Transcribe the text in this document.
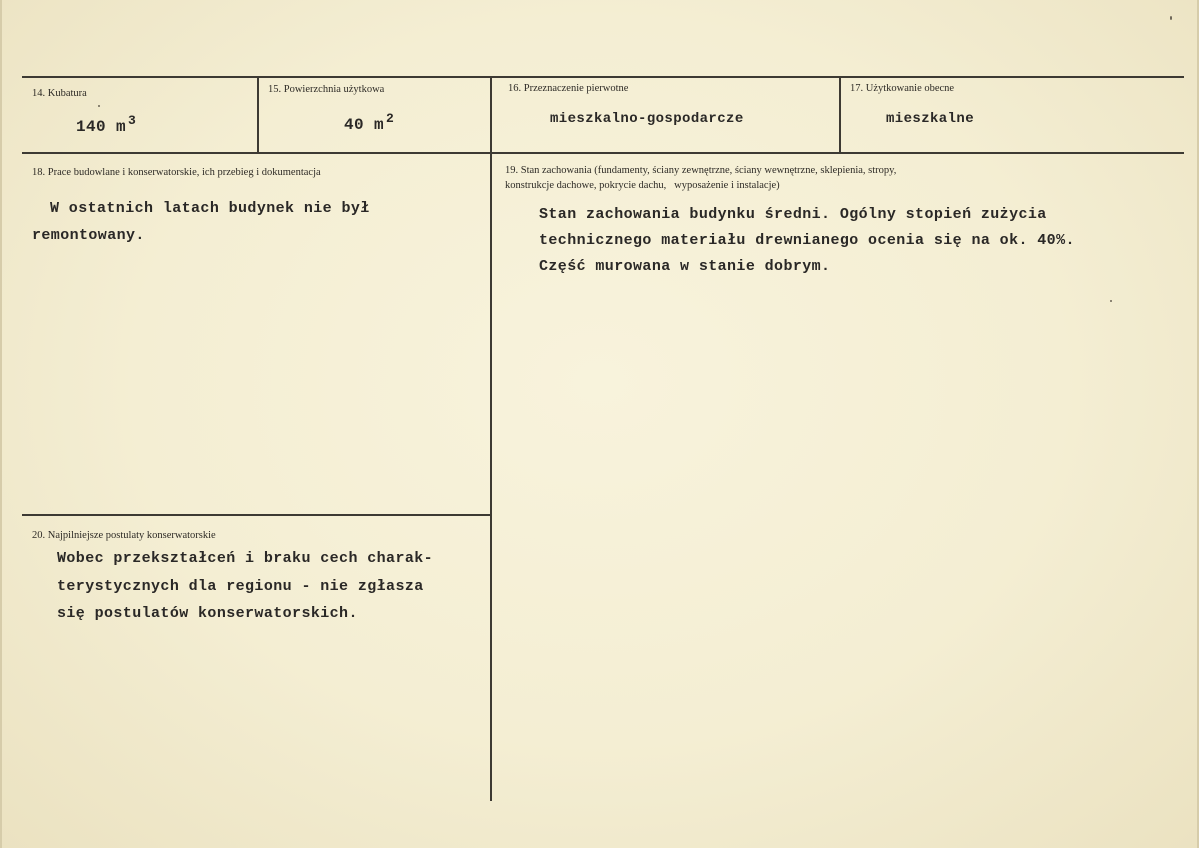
14. Kubatura
140 m $^3$
15. Powierzchnia użytkowa
40 m $^2$
16. Przeznaczenie pierwotne
mieszkalno-gospodarcze
17. Użytkowanie obecne
mieszkalne
18. Prace budowlane i konserwatorskie, ich przebieg i dokumentacja
W ostatnich latach budynek nie był
remontowany.
19. Stan zachowania (fundamenty, ściany zewnętrzne, ściany wewnętrzne, sklepienia, stropy,
konstrukcje dachowe, pokrycie dachu,   wyposażenie i instalacje)
Stan zachowania budynku średni. Ogólny stopień zużycia
technicznego materiału drewnianego ocenia się na ok. 40%.
Część murowana w stanie dobrym.
20. Najpilniejsze postulaty konserwatorskie
Wobec przekształceń i braku cech charak-
terystycznych dla regionu - nie zgłasza
się postulatów konserwatorskich.
